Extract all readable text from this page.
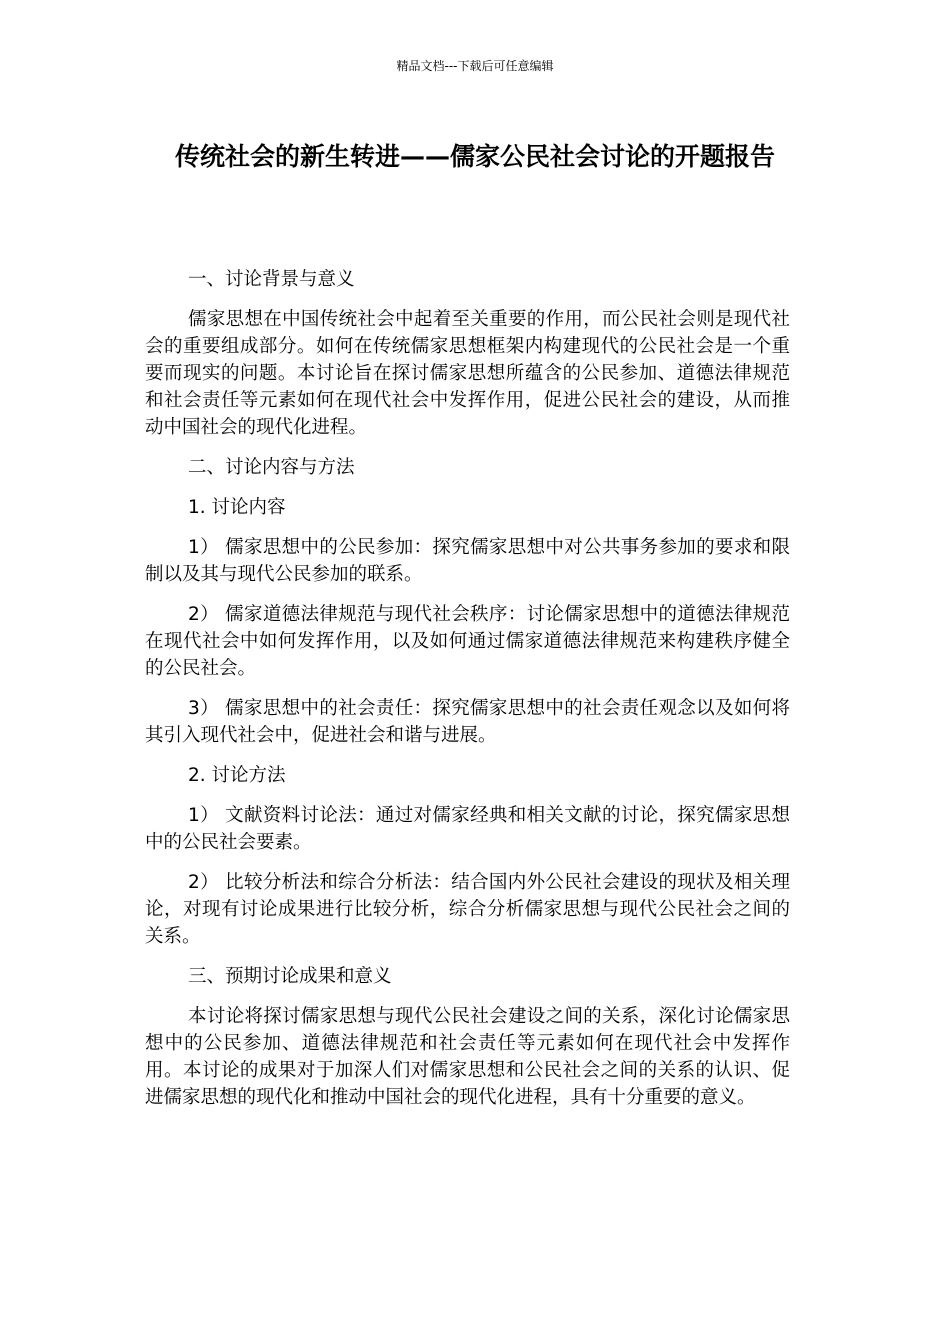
精品文档---下载后可任意编辑
传统社会的新生转进——儒家公民社会讨论的开题报告

一、讨论背景与意义

儒家思想在中国传统社会中起着至关重要的作用，而公民社会则是现代社会的重要组成部分。如何在传统儒家思想框架内构建现代的公民社会是一个重要而现实的问题。本讨论旨在探讨儒家思想所蕴含的公民参加、道德法律规范和社会责任等元素如何在现代社会中发挥作用，促进公民社会的建设，从而推动中国社会的现代化进程。

二、讨论内容与方法

1. 讨论内容

1） 儒家思想中的公民参加：探究儒家思想中对公共事务参加的要求和限制以及其与现代公民参加的联系。

2） 儒家道德法律规范与现代社会秩序：讨论儒家思想中的道德法律规范在现代社会中如何发挥作用，以及如何通过儒家道德法律规范来构建秩序健全的公民社会。

3） 儒家思想中的社会责任：探究儒家思想中的社会责任观念以及如何将其引入现代社会中，促进社会和谐与进展。

2. 讨论方法

1） 文献资料讨论法：通过对儒家经典和相关文献的讨论，探究儒家思想中的公民社会要素。

2） 比较分析法和综合分析法：结合国内外公民社会建设的现状及相关理论，对现有讨论成果进行比较分析，综合分析儒家思想与现代公民社会之间的关系。

三、预期讨论成果和意义

本讨论将探讨儒家思想与现代公民社会建设之间的关系，深化讨论儒家思想中的公民参加、道德法律规范和社会责任等元素如何在现代社会中发挥作用。本讨论的成果对于加深人们对儒家思想和公民社会之间的关系的认识、促进儒家思想的现代化和推动中国社会的现代化进程，具有十分重要的意义。
